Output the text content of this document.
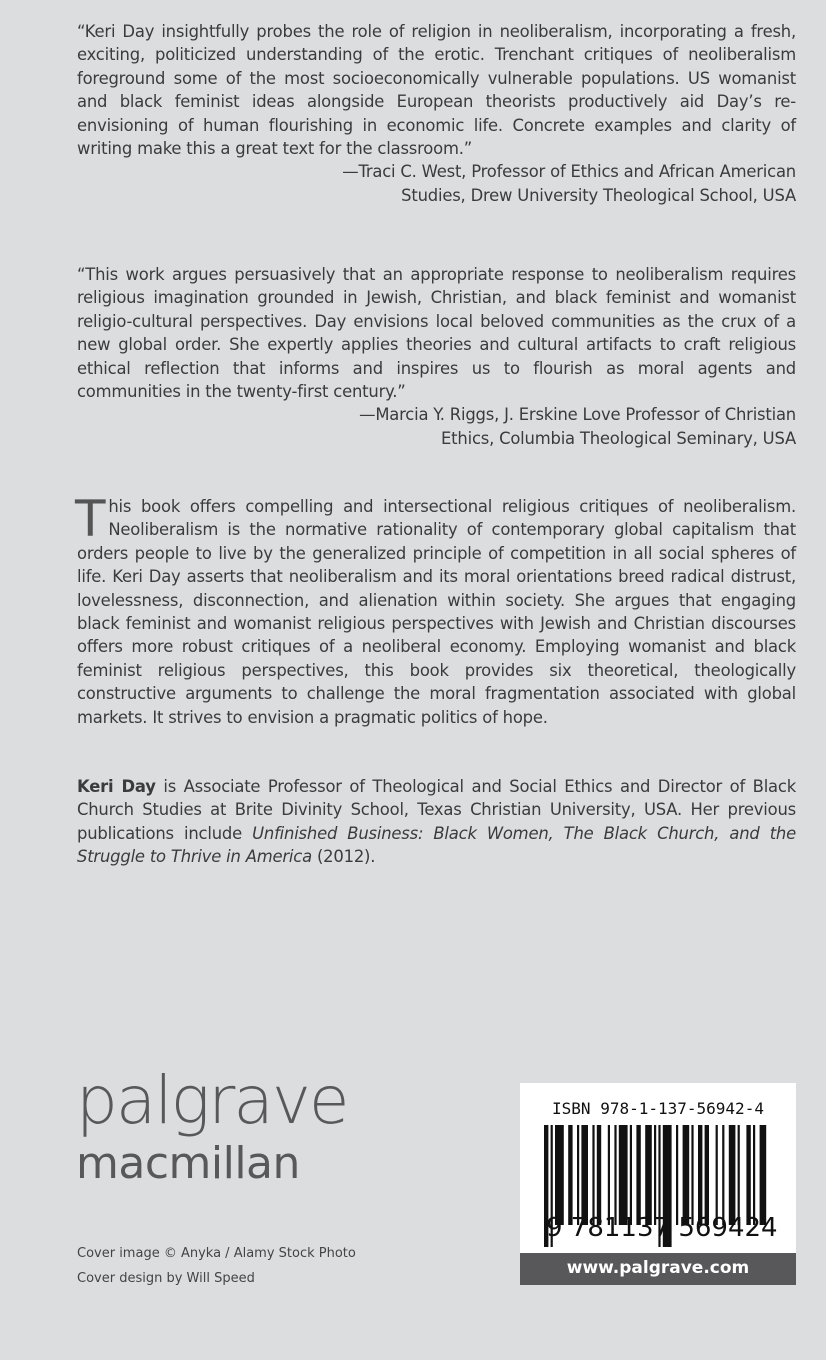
“Keri Day insightfully probes the role of religion in neoliberalism, incorporating a fresh, exciting, politicized understanding of the erotic. Trenchant critiques of neoliberalism foreground some of the most socioeconomically vulnerable populations. US womanist and black feminist ideas alongside European theorists productively aid Day’s re-envisioning of human flourishing in economic life. Concrete examples and clarity of writing make this a great text for the classroom.”

—Traci C. West, Professor of Ethics and African American

Studies, Drew University Theological School, USA

“This work argues persuasively that an appropriate response to neoliberalism requires religious imagination grounded in Jewish, Christian, and black feminist and womanist religio-cultural perspectives. Day envisions local beloved communities as the crux of a new global order. She expertly applies theories and cultural artifacts to craft religious ethical reflection that informs and inspires us to flourish as moral agents and communities in the twenty-first century.”

—Marcia Y. Riggs, J. Erskine Love Professor of Christian

Ethics, Columbia Theological Seminary, USA

This book offers compelling and intersectional religious critiques of neoliberalism. Neoliberalism is the normative rationality of contemporary global capitalism that orders people to live by the generalized principle of competition in all social spheres of life. Keri Day asserts that neoliberalism and its moral orientations breed radical distrust, lovelessness, disconnection, and alienation within society. She argues that engaging black feminist and womanist religious perspectives with Jewish and Christian discourses offers more robust critiques of a neoliberal economy. Employing womanist and black feminist religious perspectives, this book provides six theoretical, theologically constructive arguments to challenge the moral fragmentation associated with global markets. It strives to envision a pragmatic politics of hope.
Keri Day is Associate Professor of Theological and Social Ethics and Director of Black Church Studies at Brite Divinity School, Texas Christian University, USA. Her previous publications include Unfinished Business: Black Women, The Black Church, and the Struggle to Thrive in America (2012).
palgrave
macmillan
Cover image © Anyka / Alamy Stock Photo
Cover design by Will Speed
ISBN 978-1-137-56942-4
9 781137 569424
www.palgrave.com
